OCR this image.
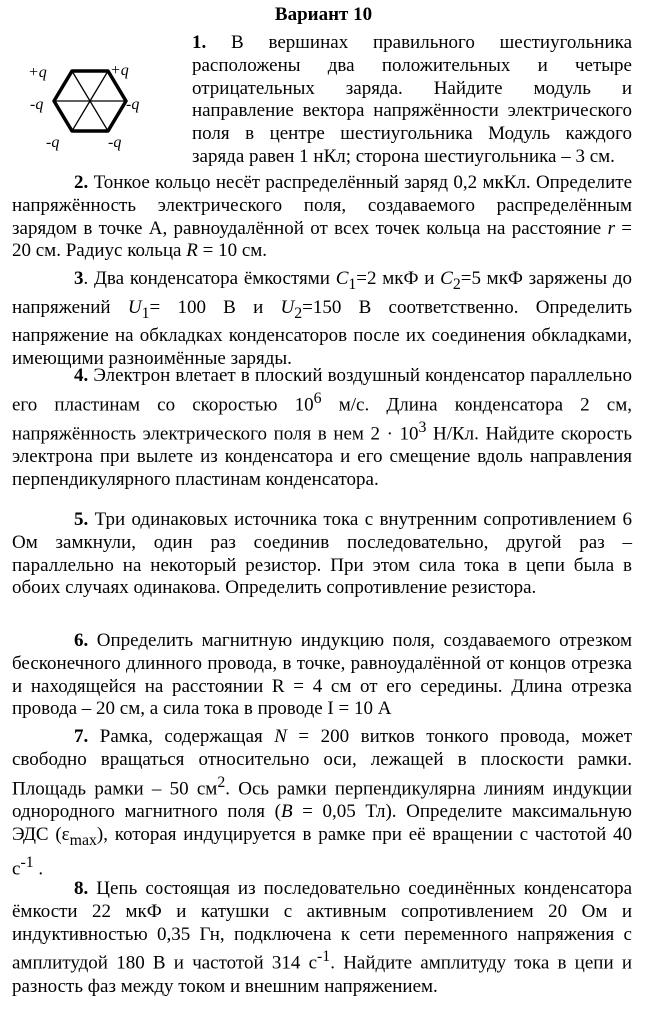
Вариант 10
+q	+q
-q	-q
-q	-q

1. В вершинах правильного шестиугольника расположены два положительных и четыре отрицательных заряда. Найдите модуль и направление вектора напряжённости электрического поля в центре шестиугольника Модуль каждого заряда равен 1 нКл; сторона шестиугольника – 3 см.

2. Тонкое кольцо несёт распределённый заряд 0,2 мкКл. Определите напряжённость электрического поля, создаваемого распределённым зарядом в точке А, равноудалённой от всех точек кольца на расстояние r = 20 см. Радиус кольца R = 10 см.

3. Два конденсатора ёмкостями $C_1=2$ мкФ и $C_2=5$ мкФ заряжены до напряжений $U_1= 100$ В и $U_2=150$ В соответственно. Определить напряжение на обкладках конденсаторов после их соединения обкладками, имеющими разноимённые заряды.

4. Электрон влетает в плоский воздушный конденсатор параллельно его пластинам со скоростью $10^6$ м/с. Длина конденсатора 2 см, напряжённость электрического поля в нем $2 \cdot 10^3$ Н/Кл. Найдите скорость электрона при вылете из конденсатора и его смещение вдоль направления перпендикулярного пластинам конденсатора.

5. Три одинаковых источника тока с внутренним сопротивлением 6 Ом замкнули, один раз соединив последовательно, другой раз – параллельно на некоторый резистор. При этом сила тока в цепи была в обоих случаях одинакова. Определить сопротивление резистора.

6. Определить магнитную индукцию поля, создаваемого отрезком бесконечного длинного провода, в точке, равноудалённой от концов отрезка и находящейся на расстоянии R = 4 см от его середины. Длина отрезка провода – 20 см, а сила тока в проводе I = 10 А

7. Рамка, содержащая N = 200 витков тонкого провода, может свободно вращаться относительно оси, лежащей в плоскости рамки. Площадь рамки – 50 $см^2$. Ось рамки перпендикулярна линиям индукции однородного магнитного поля (B = 0,05 Тл). Определите максимальную ЭДС $(\varepsilon_{max})$, которая индуцируется в рамке при её вращении с частотой 40 $с^{-1}$ .

8. Цепь состоящая из последовательно соединённых конденсатора ёмкости 22 мкФ и катушки с активным сопротивлением 20 Ом и индуктивностью 0,35 Гн, подключена к сети переменного напряжения с амплитудой 180 В и частотой 314 $с^{-1}$. Найдите амплитуду тока в цепи и разность фаз между током и внешним напряжением.
